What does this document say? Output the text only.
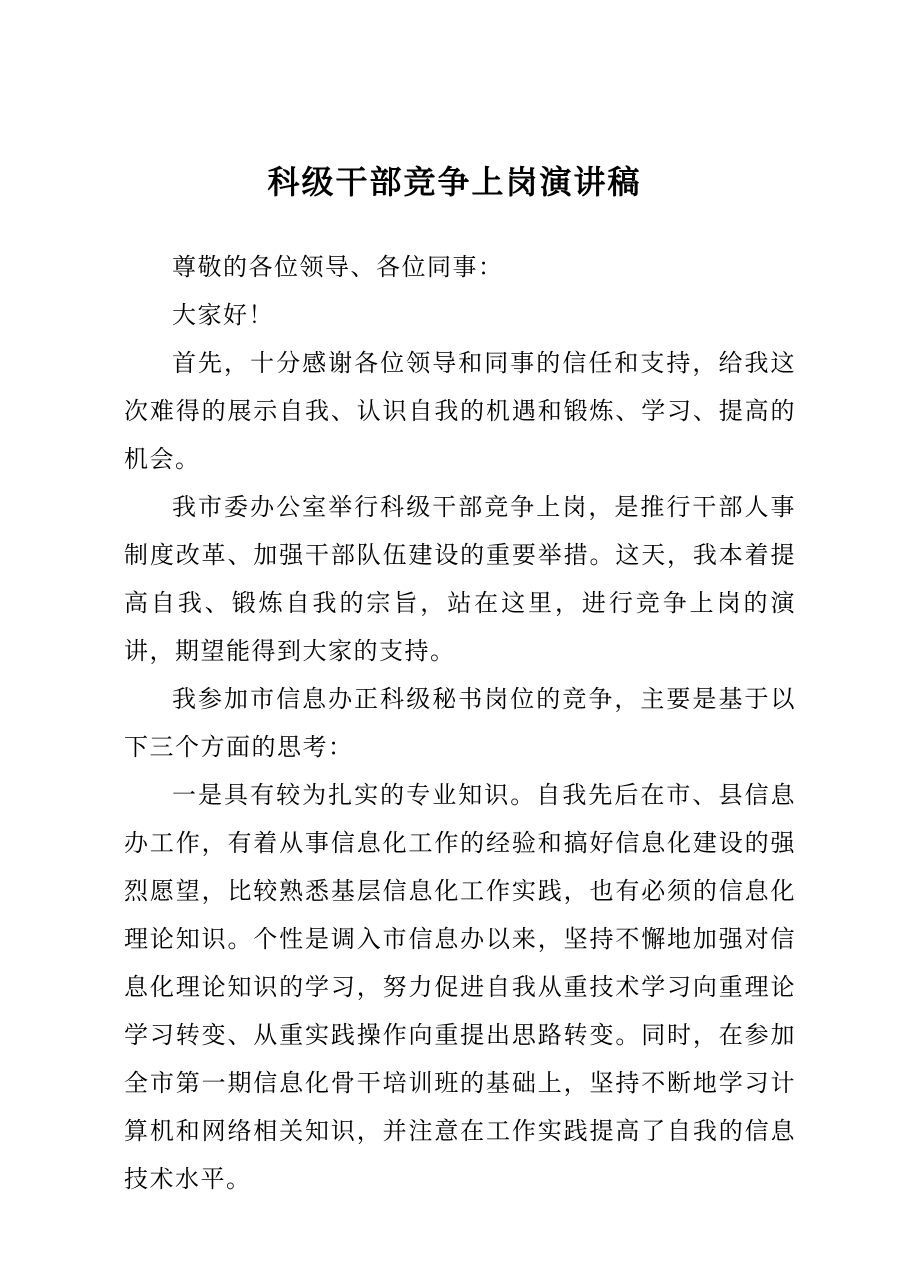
科级干部竞争上岗演讲稿

尊敬的各位领导、各位同事：

大家好！

首先，十分感谢各位领导和同事的信任和支持，给我这次难得的展示自我、认识自我的机遇和锻炼、学习、提高的机会。

我市委办公室举行科级干部竞争上岗，是推行干部人事制度改革、加强干部队伍建设的重要举措。这天，我本着提高自我、锻炼自我的宗旨，站在这里，进行竞争上岗的演讲，期望能得到大家的支持。

我参加市信息办正科级秘书岗位的竞争，主要是基于以下三个方面的思考：

一是具有较为扎实的专业知识。自我先后在市、县信息办工作，有着从事信息化工作的经验和搞好信息化建设的强烈愿望，比较熟悉基层信息化工作实践，也有必须的信息化理论知识。个性是调入市信息办以来，坚持不懈地加强对信息化理论知识的学习，努力促进自我从重技术学习向重理论学习转变、从重实践操作向重提出思路转变。同时，在参加全市第一期信息化骨干培训班的基础上，坚持不断地学习计算机和网络相关知识，并注意在工作实践提高了自我的信息技术水平。
